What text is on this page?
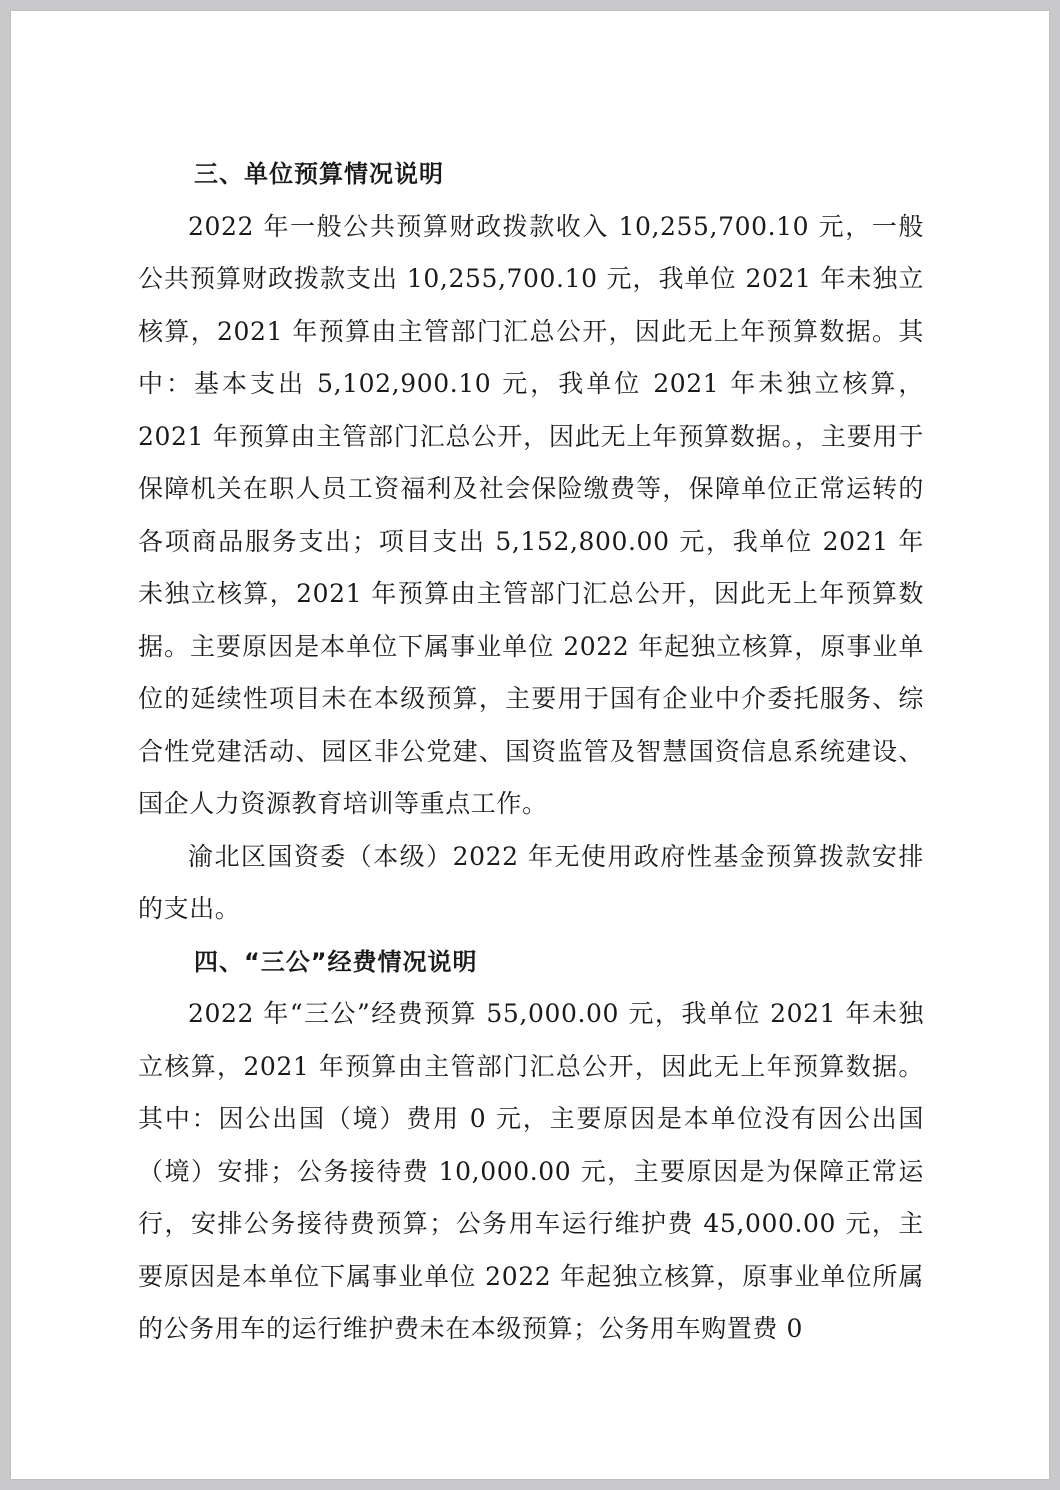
三、单位预算情况说明

2022 年一般公共预算财政拨款收入 10,255,700.10 元，一般公共预算财政拨款支出 10,255,700.10 元，我单位 2021 年未独立核算，2021 年预算由主管部门汇总公开，因此无上年预算数据。其中：基本支出 5,102,900.10 元，我单位 2021 年未独立核算，2021 年预算由主管部门汇总公开，因此无上年预算数据。，主要用于保障机关在职人员工资福利及社会保险缴费等，保障单位正常运转的各项商品服务支出；项目支出 5,152,800.00 元，我单位 2021 年未独立核算，2021 年预算由主管部门汇总公开，因此无上年预算数据。主要原因是本单位下属事业单位 2022 年起独立核算，原事业单位的延续性项目未在本级预算，主要用于国有企业中介委托服务、综合性党建活动、园区非公党建、国资监管及智慧国资信息系统建设、国企人力资源教育培训等重点工作。

渝北区国资委（本级）2022 年无使用政府性基金预算拨款安排的支出。

四、“三公”经费情况说明

2022 年“三公”经费预算 55,000.00 元，我单位 2021 年未独立核算，2021 年预算由主管部门汇总公开，因此无上年预算数据。其中：因公出国（境）费用 0 元，主要原因是本单位没有因公出国（境）安排；公务接待费 10,000.00 元，主要原因是为保障正常运行，安排公务接待费预算；公务用车运行维护费 45,000.00 元，主要原因是本单位下属事业单位 2022 年起独立核算，原事业单位所属的公务用车的运行维护费未在本级预算；公务用车购置费 0
